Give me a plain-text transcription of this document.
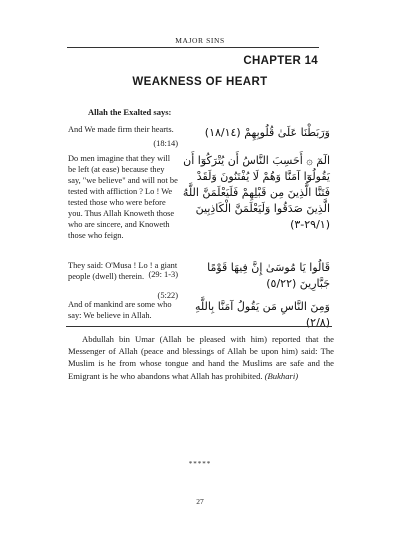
MAJOR SINS
CHAPTER 14
WEAKNESS OF HEART
Allah the Exalted says:
And We made firm their hearts.	وَرَبَطْنَا عَلَىٰ قُلُوبِهِمْ (١٨/١٤)
(18:14)
Do men imagine that they will be left (at ease) because they say, "we believe" and will not be tested with affliction ? Lo ! We tested those who were before you. Thus Allah Knoweth those who are sincere, and Knoweth those who feign.
الٓمٓ ۞ أَحَسِبَ النَّاسُ أَن يُتْرَكُوٓا أَن يَقُولُوٓا آمَنَّا وَهُمْ لَا يُفْتَنُونَ وَلَقَدْ فَتَنَّا الَّذِينَ مِن قَبْلِهِمْ فَلَيَعْلَمَنَّ اللَّهُ الَّذِينَ صَدَقُوا وَلَيَعْلَمَنَّ الْكَاذِبِينَ (٢٩/١-٣)
(29: 1-3)
They said: O'Musa ! Lo ! a giant people (dwell) therein.
قَالُوا يَا مُوسَىٰ إِنَّ فِيهَا قَوْمًا جَبَّارِينَ (٥/٢٢)
(5:22)
And of mankind are some who say: We believe in Allah.
وَمِنَ النَّاسِ مَن يَقُولُ آمَنَّا بِاللَّهِ (٢/٨)
Abdullah bin Umar (Allah be pleased with him) reported that the Messenger of Allah (peace and blessings of Allah be upon him) said: The Muslim is he from whose tongue and hand the Muslims are safe and the Emigrant is he who abandons what Allah has prohibited. (Bukhari)
*****
27
